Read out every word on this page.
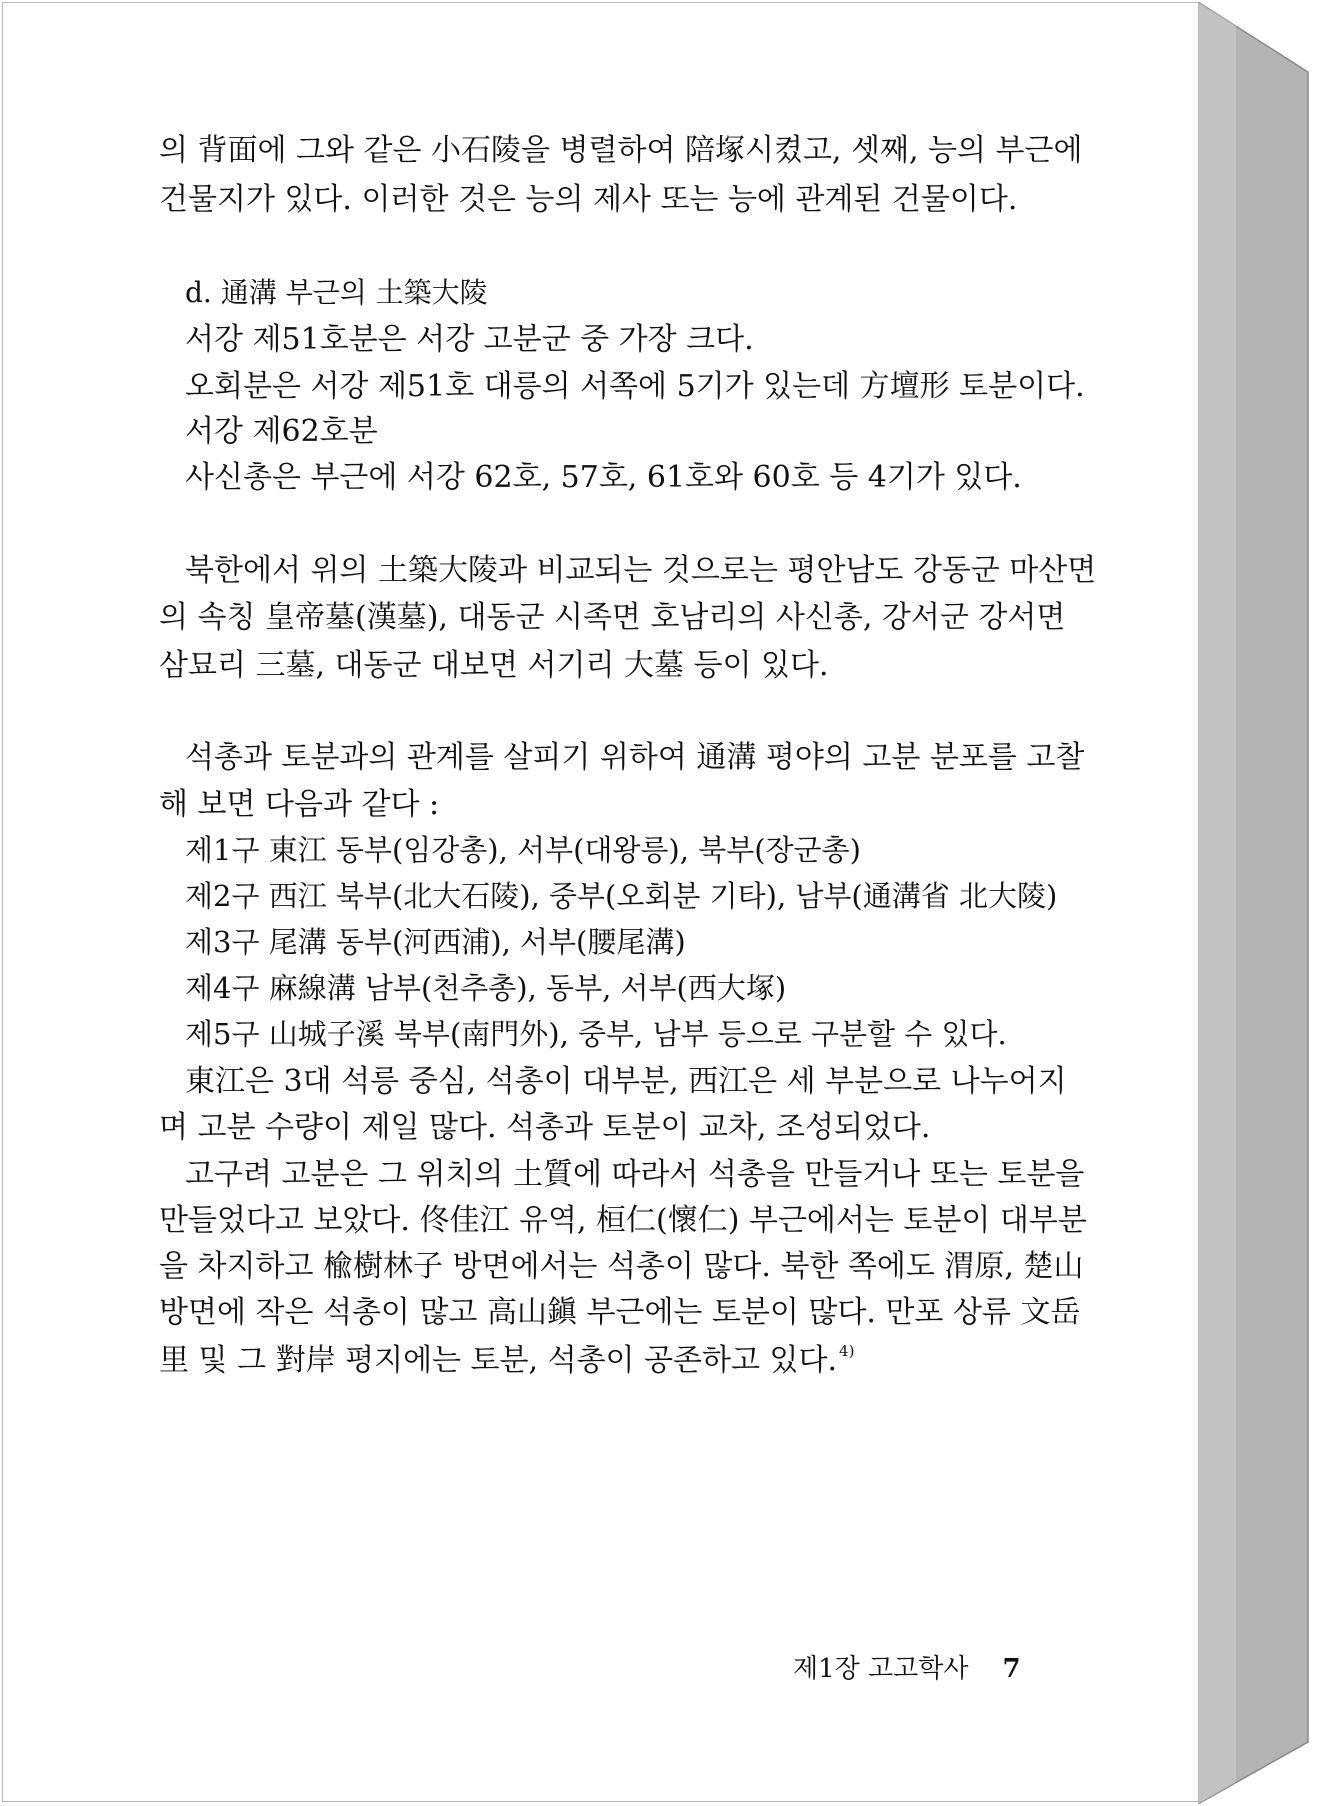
의 背面에 그와 같은 小石陵을 병렬하여 陪塚시켰고, 셋째, 능의 부근에
건물지가 있다. 이러한 것은 능의 제사 또는 능에 관계된 건물이다.
d. 通溝 부근의 土築大陵
서강 제51호분은 서강 고분군 중 가장 크다.
오회분은 서강 제51호 대릉의 서쪽에 5기가 있는데 方壇形 토분이다.
서강 제62호분
사신총은 부근에 서강 62호, 57호, 61호와 60호 등 4기가 있다.
북한에서 위의 土築大陵과 비교되는 것으로는 평안남도 강동군 마산면
의 속칭 皇帝墓(漢墓), 대동군 시족면 호남리의 사신총, 강서군 강서면
삼묘리 三墓, 대동군 대보면 서기리 大墓 등이 있다.
석총과 토분과의 관계를 살피기 위하여 通溝 평야의 고분 분포를 고찰
해 보면 다음과 같다 :
제1구 東江 동부(임강총), 서부(대왕릉), 북부(장군총)
제2구 西江 북부(北大石陵), 중부(오회분 기타), 남부(通溝省 北大陵)
제3구 尾溝 동부(河西浦), 서부(腰尾溝)
제4구 麻線溝 남부(천추총), 동부, 서부(西大塚)
제5구 山城子溪 북부(南門外), 중부, 남부 등으로 구분할 수 있다.
東江은 3대 석릉 중심, 석총이 대부분, 西江은 세 부분으로 나누어지
며 고분 수량이 제일 많다. 석총과 토분이 교차, 조성되었다.
고구려 고분은 그 위치의 土質에 따라서 석총을 만들거나 또는 토분을
만들었다고 보았다. 佟佳江 유역, 桓仁(懷仁) 부근에서는 토분이 대부분
을 차지하고 楡樹林子 방면에서는 석총이 많다. 북한 쪽에도 渭原, 楚山
방면에 작은 석총이 많고 高山鎭 부근에는 토분이 많다. 만포 상류 文岳
里 및 그 對岸 평지에는 토분, 석총이 공존하고 있다. $^{4)}$
제1장 고고학사 7
